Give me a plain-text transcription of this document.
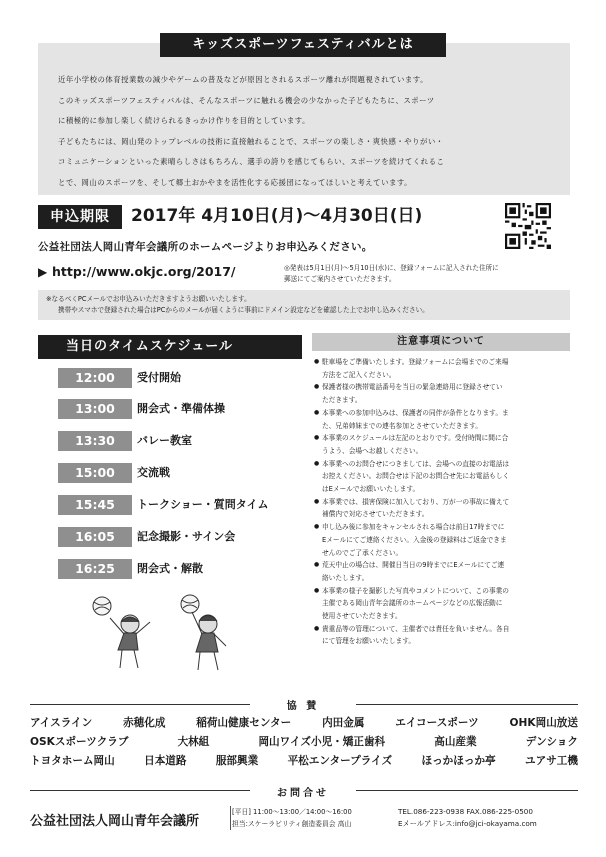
キッズスポーツフェスティバルとは

近年小学校の体育授業数の減少やゲームの普及などが原因とされるスポーツ離れが問題視されています。

このキッズスポーツフェスティバルは、そんなスポーツに触れる機会の少なかった子どもたちに、スポーツ

に積極的に参加し楽しく続けられるきっかけ作りを目的としています。

子どもたちには、岡山発のトップレベルの技術に直接触れることで、スポーツの楽しさ・爽快感・やりがい・

コミュニケーションといった素晴らしさはもちろん、選手の誇りを感じてもらい、スポーツを続けてくれるこ

とで、岡山のスポーツを、そして郷土おかやまを活性化する応援団になってほしいと考えています。

申込期限	2017年 4月10日(月)〜4月30日(日)
公益社団法人岡山青年会議所のホームページよりお申込みください。
▶ http://www.okjc.org/2017/	◎発表は5月1日(月)〜5月10日(水)に、登録フォームに記入された住所に

郵送にてご案内させていただきます。

※なるべくPCメールでお申込みいただきますようお願いいたします。

携帯やスマホで登録された場合はPCからのメールが届くように事前にドメイン設定などを確認した上でお申し込みください。

当日のタイムスケジュール
12:00	受付開始
13:00	開会式・準備体操
13:30	バレー教室
15:00	交流戦
15:45	トークショー・質問タイム
16:05	記念撮影・サイン会
16:25	閉会式・解散
注意事項について

● 駐車場をご準備いたします。登録フォームに会場までのご来場

方法をご記入ください。

● 保護者様の携帯電話番号を当日の緊急連絡用に登録させてい

ただきます。

● 本事業への参加申込みは、保護者の同伴が条件となります。ま

た、兄弟姉妹までの連名参加とさせていただきます。

● 本事業のスケジュールは左記のとおりです。受付時間に間に合

うよう、会場へお越しください。

● 本事業へのお問合せにつきましては、会場への直接のお電話は

お控えください。お問合せは下記のお問合せ先にお電話もしく

はEメールでお願いいたします。

● 本事業では、損害保険に加入しており、万が一の事故に備えて

補償内で対応させていただきます。

● 申し込み後に参加をキャンセルされる場合は前日17時までに

Eメールにてご連絡ください。入金後の登録料はご返金できま

せんのでご了承ください。

● 荒天中止の場合は、開催日当日の9時までにEメールにてご連

絡いたします。

● 本事業の様子を撮影した写真やコメントについて、この事業の

主催である岡山青年会議所のホームページなどの広報活動に

使用させていただきます。

● 貴重品等の管理について、主催者では責任を負いません。各自

にて管理をお願いいたします。

協 賛
アイスライン	赤穂化成	稲荷山健康センター	内田金属	エイコースポーツ	OHK岡山放送
OSKスポーツクラブ	大林組	岡山ワイズ小児・矯正歯科	高山産業	デンショク
トヨタホーム岡山	日本道路	服部興業	平松エンタープライズ	ほっかほっか亭	ユアサ工機
お問合せ
公益社団法人岡山青年会議所

[平日] 11:00〜13:00／14:00〜16:00

担当:スケーラビリティ創造委員会 高山

TEL.086-223-0938 FAX.086-225-0500

Eメールアドレス:info@jci-okayama.com
